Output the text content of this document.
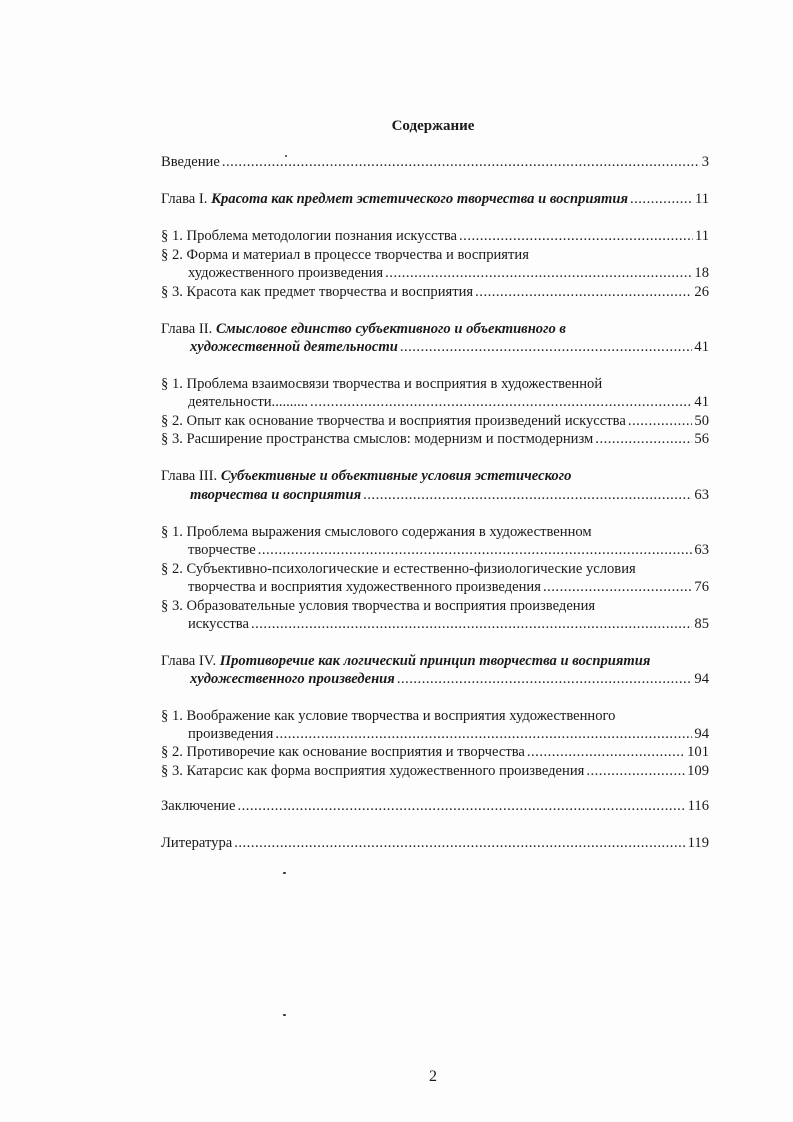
Содержание
Введение .....	3
Глава I. Красота как предмет эстетического творчества и восприятия .....	11
§ 1. Проблема методологии познания искусства .....	11
§ 2. Форма и материал в процессе творчества и восприятия
художественного произведения .....	18
§ 3. Красота как предмет творчества и восприятия .....	26
Глава II. Смысловое единство субъективного и объективного в
художественной деятельности .....	41
§ 1. Проблема взаимосвязи творчества и восприятия в художественной
деятельности.......... .....	41
§ 2. Опыт как основание творчества и восприятия произведений искусства .....	50
§ 3. Расширение пространства смыслов: модернизм и постмодернизм .....	56
Глава III. Субъективные и объективные условия эстетического
творчества и восприятия .....	63
§ 1. Проблема выражения смыслового содержания в художественном
творчестве .....	63
§ 2. Субъективно-психологические и естественно-физиологические условия
творчества и восприятия художественного произведения .....	76
§ 3. Образовательные условия творчества и восприятия произведения
искусства .....	85
Глава IV. Противоречие как логический принцип творчества и восприятия
художественного произведения .....	94
§ 1. Воображение как условие творчества и восприятия художественного
произведения .....	94
§ 2. Противоречие как основание восприятия и творчества .....	101
§ 3. Катарсис как форма восприятия художественного произведения .....	109
Заключение .....	116
Литература .....	119
2
